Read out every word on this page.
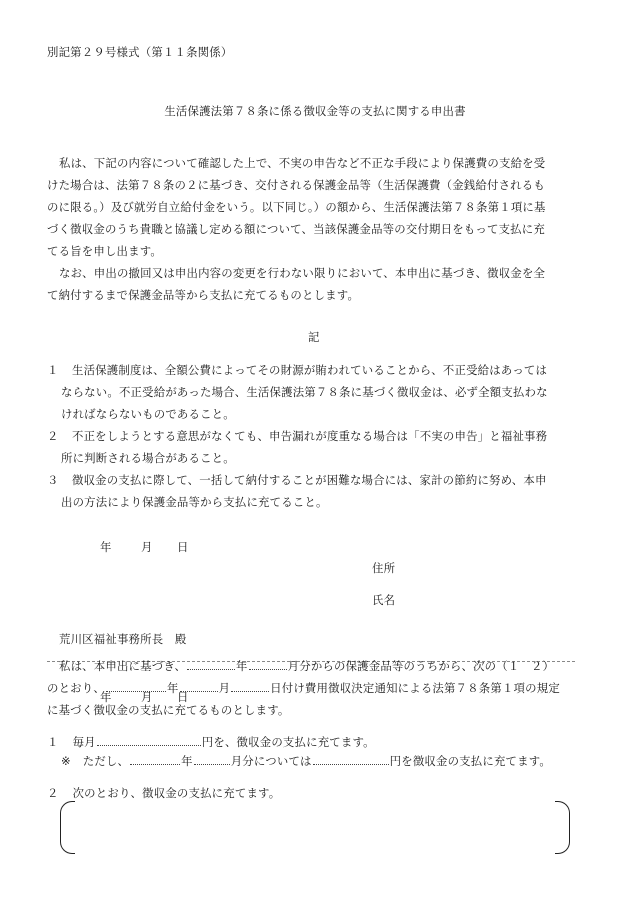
別記第２９号様式（第１１条関係）
生活保護法第７８条に係る徴収金等の支払に関する申出書
私は、下記の内容について確認した上で、不実の申告など不正な手段により保護費の支給を受
けた場合は、法第７８条の２に基づき、交付される保護金品等（生活保護費（金銭給付されるも
のに限る。）及び就労自立給付金をいう。以下同じ。）の額から、生活保護法第７８条第１項に基
づく徴収金のうち貴職と協議し定める額について、当該保護金品等の交付期日をもって支払に充
てる旨を申し出ます。
なお、申出の撤回又は申出内容の変更を行わない限りにおいて、本申出に基づき、徴収金を全
て納付するまで保護金品等から支払に充てるものとします。
記
１ 生活保護制度は、全額公費によってその財源が賄われていることから、不正受給はあっては
ならない。不正受給があった場合、生活保護法第７８条に基づく徴収金は、必ず全額支払わな
ければならないものであること。
２ 不正をしようとする意思がなくても、申告漏れが度重なる場合は「不実の申告」と福祉事務
所に判断される場合があること。
３ 徴収金の支払に際して、一括して納付することが困難な場合には、家計の節約に努め、本申
出の方法により保護金品等から支払に充てること。
年	月 日
住所
氏名
荒川区福祉事務所長　殿
年	月 日
私は、本申出に基づき、	年	月分からの保護金品等のうちから、次の（１　２）
のとおり、	年	月	日付け費用徴収決定通知による法第７８条第１項の規定
に基づく徴収金の支払に充てるものとします。
１ 毎月	円を、徴収金の支払に充てます。
※ ただし、	年	月分については	円を徴収金の支払に充てます。
２ 次のとおり、徴収金の支払に充てます。
